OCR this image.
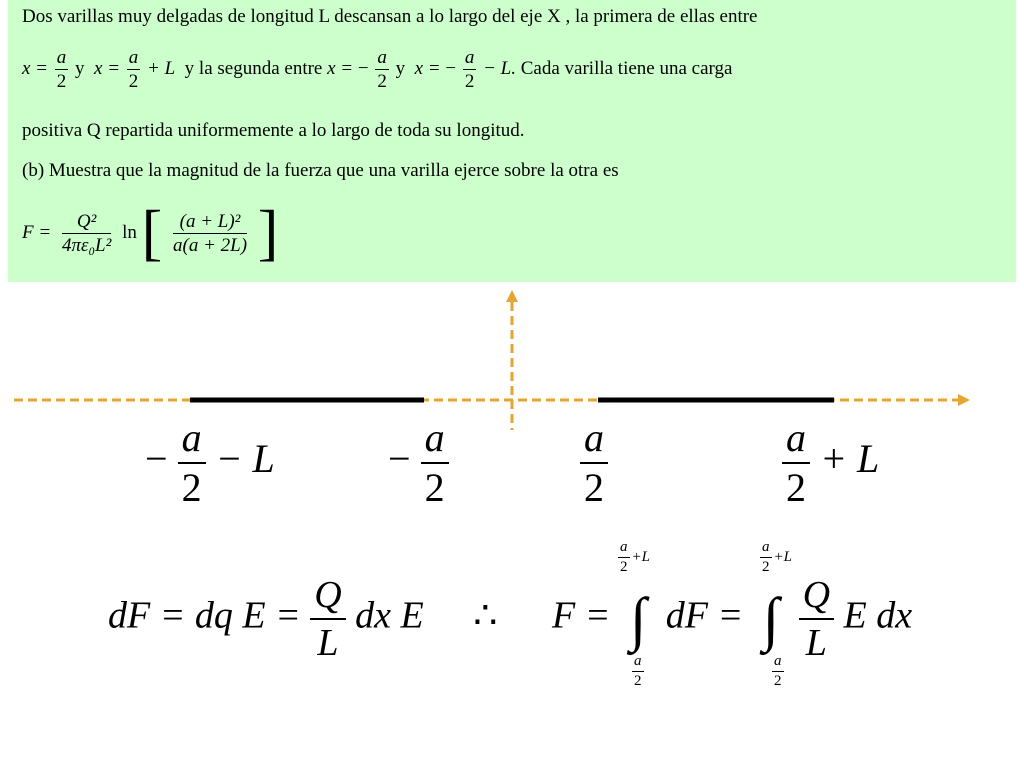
Dos varillas muy delgadas de longitud L descansan a lo largo del eje X , la primera de ellas entre
$x = \frac{a}{2}$ y $x = \frac{a}{2} + L$ y la segunda entre x = − $\frac{a}{2}$ y x = − $\frac{a}{2} - L$. Cada varilla tiene una carga
positiva Q repartida uniformemente a lo largo de toda su longitud.
(b) Muestra que la magnitud de la fuerza que una varilla ejerce sobre la otra es
$F = \frac{\text{Q²}}{\text{4πε₀L²}}$ ln [ $\frac{\text{(a + L)²}}{a(a + 2L)}$ ]
− $\frac{a}{2} - L$	− $\frac{a}{2}$	$\frac{a}{2}$	$\frac{a}{2} + L$
dF = dq $E = \frac{Q}{L}$ dx E ∴ F = ∫ dF = ∫ $\frac{Q}{L}$ E dx
$\frac{a}{2} +L$
$\frac{a}{2}$
$\frac{a}{2} +L$
$\frac{a}{2}$
